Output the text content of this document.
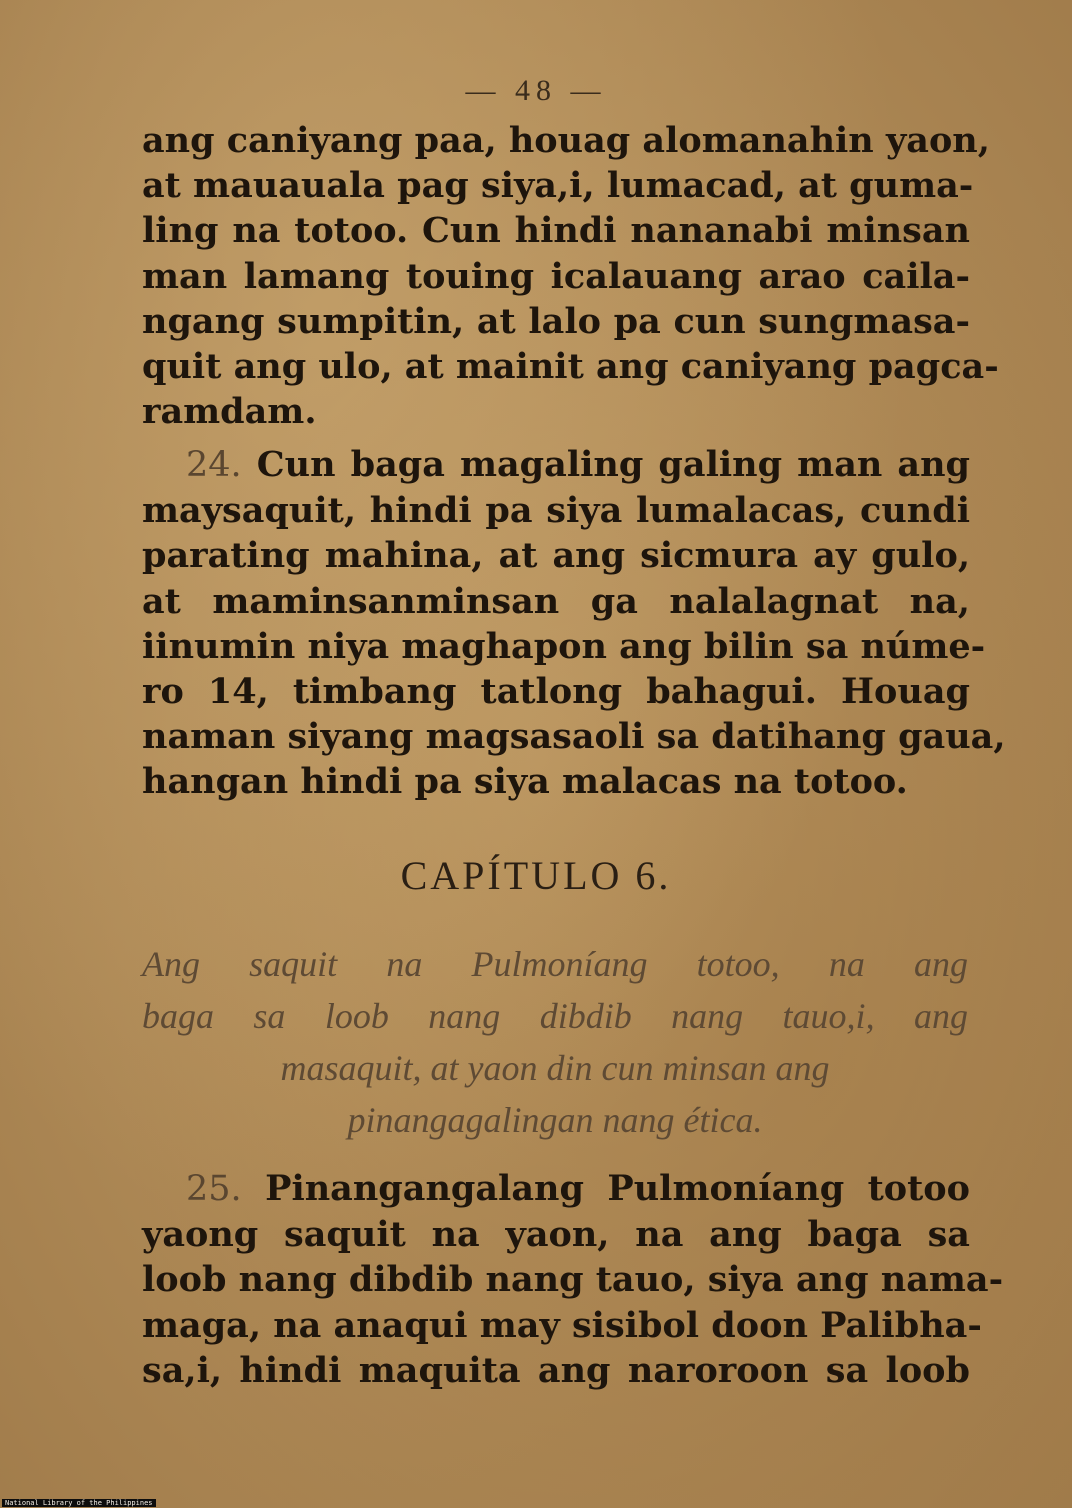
— 48 —
ang caniyang paa, houag alomanahin yaon,
at mauauala pag siya,i, lumacad, at guma-
ling na totoo. Cun hindi nananabi minsan
man lamang touing icalauang arao caila-
ngang sumpitin, at lalo pa cun sungmasa-
quit ang ulo, at mainit ang caniyang pagca-
ramdam.
24. Cun baga magaling galing man ang
maysaquit, hindi pa siya lumalacas, cundi
parating mahina, at ang sicmura ay gulo,
at maminsanminsan ga nalalagnat na,
iinumin niya maghapon ang bilin sa núme-
ro 14, timbang tatlong bahagui. Houag
naman siyang magsasaoli sa datihang gaua,
hangan hindi pa siya malacas na totoo.
CAPÍTULO 6.
Ang saquit na Pulmoníang totoo, na ang
baga sa loob nang dibdib nang tauo,i, ang
masaquit, at yaon din cun minsan ang
pinangagalingan nang ética.
25. Pinangangalang Pulmoníang totoo
yaong saquit na yaon, na ang baga sa
loob nang dibdib nang tauo, siya ang nama-
maga, na anaqui may sisibol doon Palibha-
sa,i, hindi maquita ang naroroon sa loob
National Library of the Philippines
